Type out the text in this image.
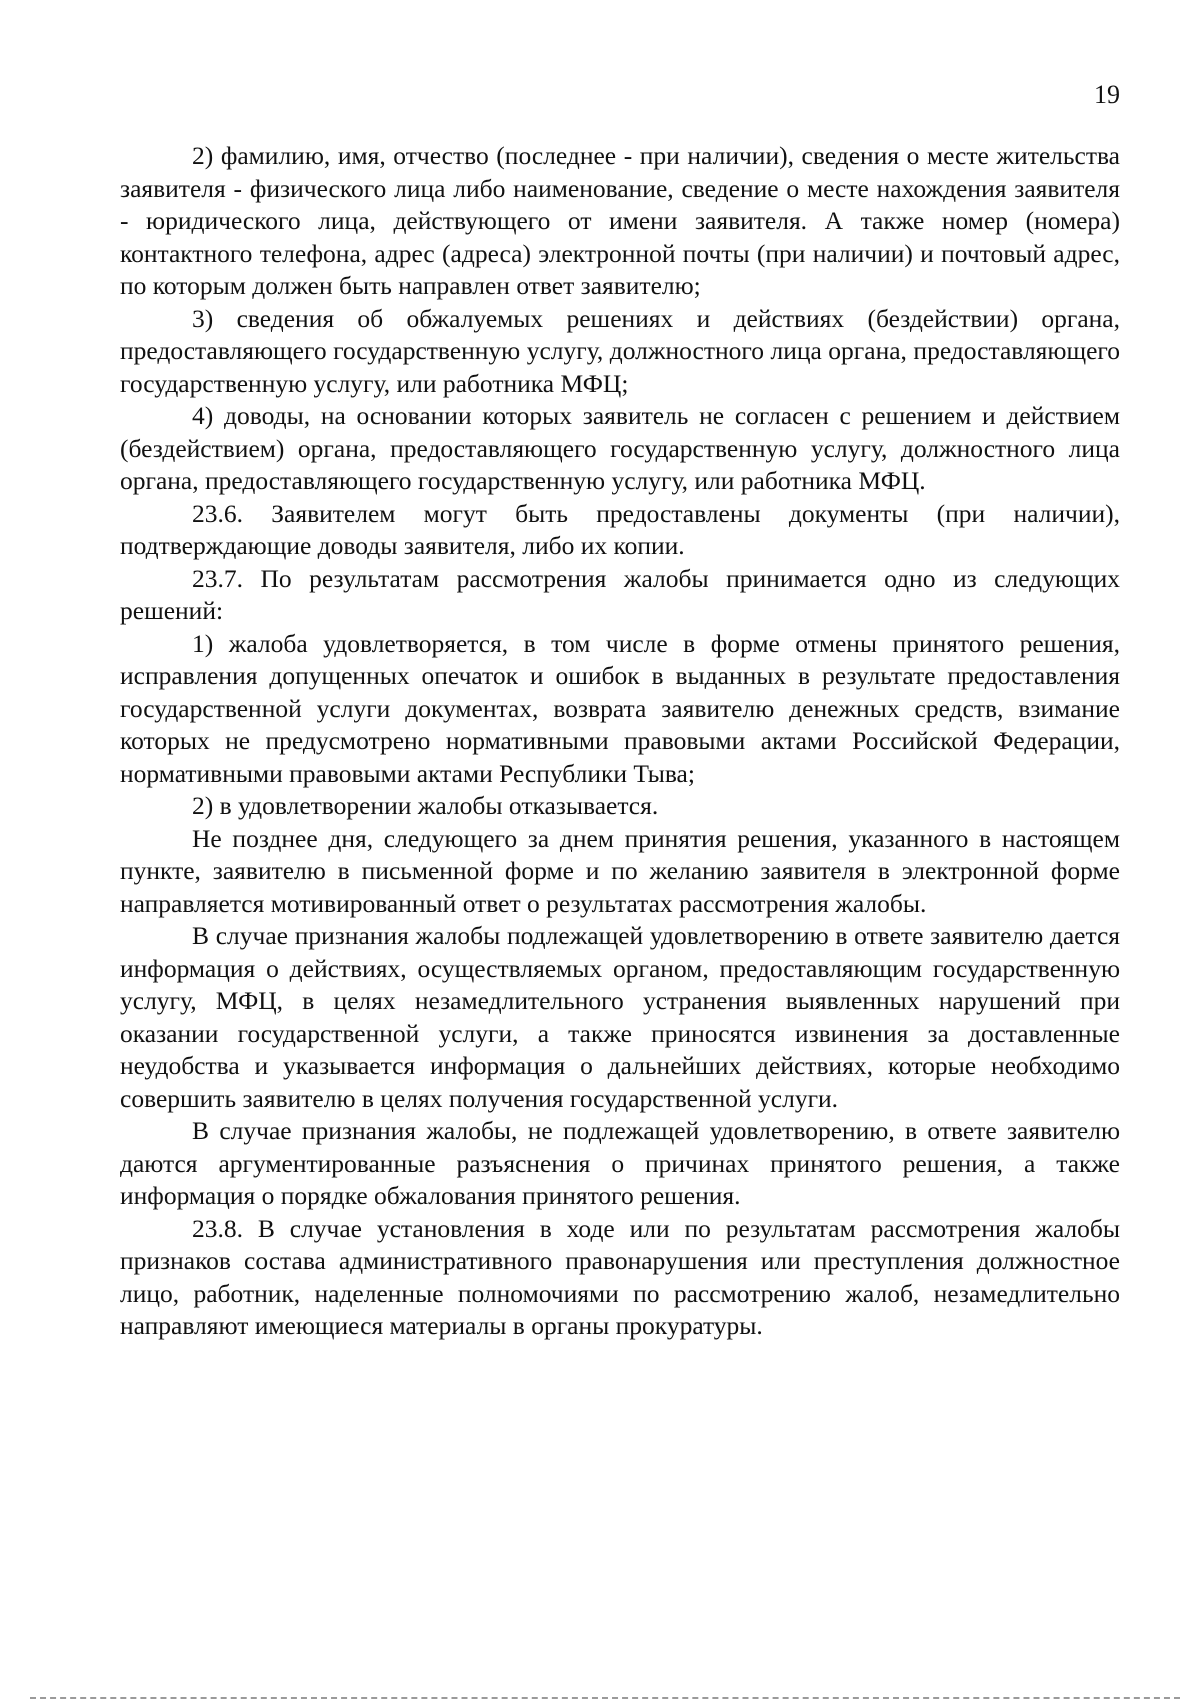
19

2) фамилию, имя, отчество (последнее - при наличии), сведения о месте жительства заявителя - физического лица либо наименование, сведение о месте нахождения заявителя - юридического лица, действующего от имени заявителя. А также номер (номера) контактного телефона, адрес (адреса) электронной почты (при наличии) и почтовый адрес, по которым должен быть направлен ответ заявителю;

3) сведения об обжалуемых решениях и действиях (бездействии) органа, предоставляющего государственную услугу, должностного лица органа, предоставляющего государственную услугу, или работника МФЦ;

4) доводы, на основании которых заявитель не согласен с решением и действием (бездействием) органа, предоставляющего государственную услугу, должностного лица органа, предоставляющего государственную услугу, или работника МФЦ.

23.6. Заявителем могут быть предоставлены документы (при наличии), подтверждающие доводы заявителя, либо их копии.

23.7. По результатам рассмотрения жалобы принимается одно из следующих решений:

1) жалоба удовлетворяется, в том числе в форме отмены принятого решения, исправления допущенных опечаток и ошибок в выданных в результате предоставления государственной услуги документах, возврата заявителю денежных средств, взимание которых не предусмотрено нормативными правовыми актами Российской Федерации, нормативными правовыми актами Республики Тыва;

2) в удовлетворении жалобы отказывается.

Не позднее дня, следующего за днем принятия решения, указанного в настоящем пункте, заявителю в письменной форме и по желанию заявителя в электронной форме направляется мотивированный ответ о результатах рассмотрения жалобы.

В случае признания жалобы подлежащей удовлетворению в ответе заявителю дается информация о действиях, осуществляемых органом, предоставляющим государственную услугу, МФЦ, в целях незамедлительного устранения выявленных нарушений при оказании государственной услуги, а также приносятся извинения за доставленные неудобства и указывается информация о дальнейших действиях, которые необходимо совершить заявителю в целях получения государственной услуги.

В случае признания жалобы, не подлежащей удовлетворению, в ответе заявителю даются аргументированные разъяснения о причинах принятого решения, а также информация о порядке обжалования принятого решения.

23.8. В случае установления в ходе или по результатам рассмотрения жалобы признаков состава административного правонарушения или преступления должностное лицо, работник, наделенные полномочиями по рассмотрению жалоб, незамедлительно направляют имеющиеся материалы в органы прокуратуры.
